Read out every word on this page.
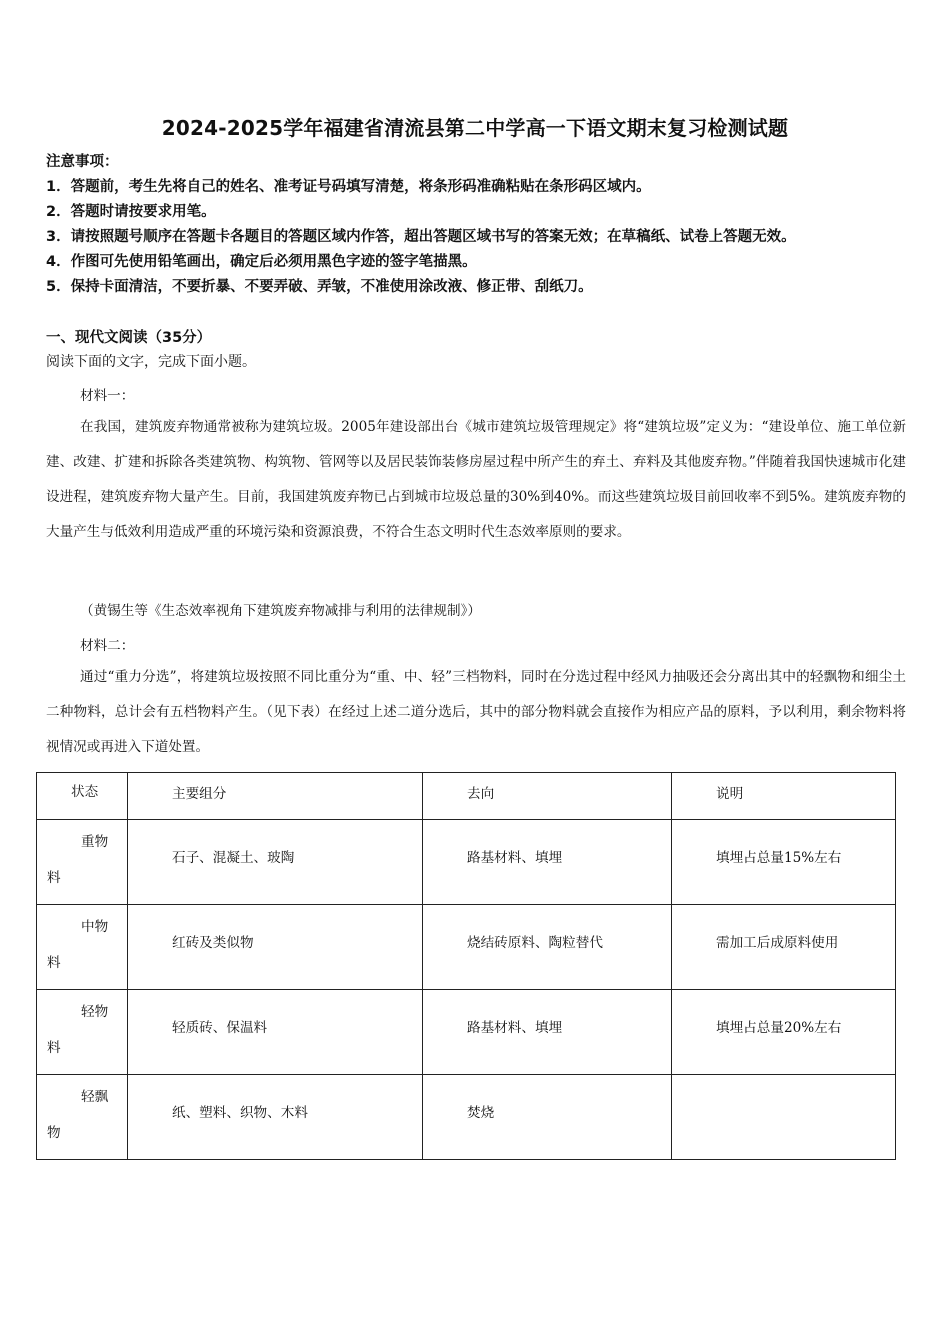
2024-2025学年福建省清流县第二中学高一下语文期末复习检测试题
注意事项：
1．答题前，考生先将自己的姓名、准考证号码填写清楚，将条形码准确粘贴在条形码区域内。
2．答题时请按要求用笔。
3．请按照题号顺序在答题卡各题目的答题区域内作答，超出答题区域书写的答案无效；在草稿纸、试卷上答题无效。
4．作图可先使用铅笔画出，确定后必须用黑色字迹的签字笔描黑。
5．保持卡面清洁，不要折暴、不要弄破、弄皱，不准使用涂改液、修正带、刮纸刀。
一、现代文阅读（35分）
阅读下面的文字，完成下面小题。
材料一：

在我国，建筑废弃物通常被称为建筑垃圾。2005年建设部出台《城市建筑垃圾管理规定》将“建筑垃圾”定义为：“建设单位、施工单位新建、改建、扩建和拆除各类建筑物、构筑物、管网等以及居民装饰装修房屋过程中所产生的弃土、弃料及其他废弃物。”伴随着我国快速城市化建设进程，建筑废弃物大量产生。目前，我国建筑废弃物已占到城市垃圾总量的30%到40%。而这些建筑垃圾目前回收率不到5%。建筑废弃物的大量产生与低效利用造成严重的环境污染和资源浪费，不符合生态文明时代生态效率原则的要求。

（黄锡生等《生态效率视角下建筑废弃物减排与利用的法律规制》）
材料二：

通过“重力分选”，将建筑垃圾按照不同比重分为“重、中、轻”三档物料，同时在分选过程中经风力抽吸还会分离出其中的轻飘物和细尘土二种物料，总计会有五档物料产生。（见下表）在经过上述二道分选后，其中的部分物料就会直接作为相应产品的原料，予以利用，剩余物料将视情况或再进入下道处置。

状态	主要组分	去向	说明

重物
料	石子、混凝土、玻陶	路基材料、填埋	填埋占总量15%左右

中物
料	红砖及类似物	烧结砖原料、陶粒替代	需加工后成原料使用

轻物
料	轻质砖、保温料	路基材料、填埋	填埋占总量20%左右

轻飘
物	纸、塑料、织物、木料	焚烧	
